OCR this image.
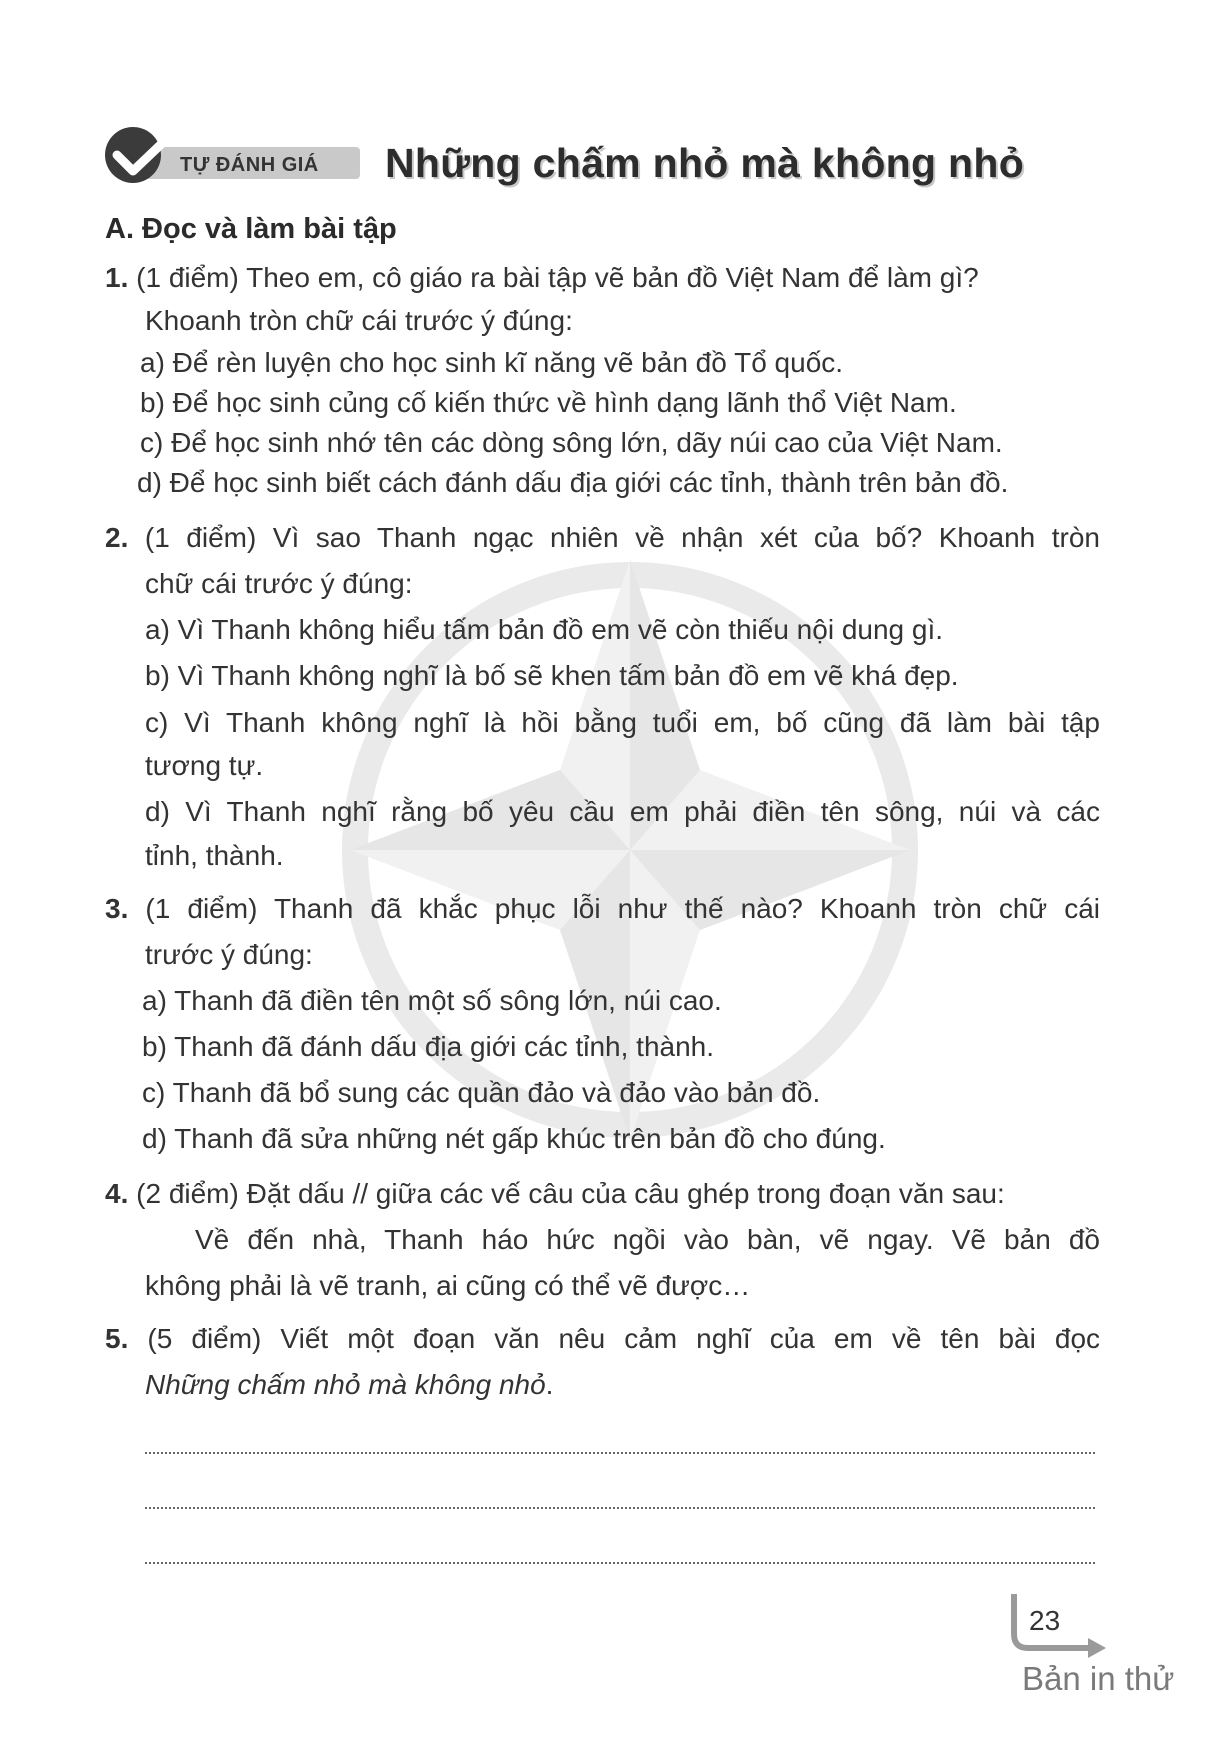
TỰ ĐÁNH GIÁ Những chấm nhỏ mà không nhỏ
A. Đọc và làm bài tập
1. (1 điểm) Theo em, cô giáo ra bài tập vẽ bản đồ Việt Nam để làm gì?
Khoanh tròn chữ cái trước ý đúng:
a) Để rèn luyện cho học sinh kĩ năng vẽ bản đồ Tổ quốc.
b) Để học sinh củng cố kiến thức về hình dạng lãnh thổ Việt Nam.
c) Để học sinh nhớ tên các dòng sông lớn, dãy núi cao của Việt Nam.
d) Để học sinh biết cách đánh dấu địa giới các tỉnh, thành trên bản đồ.
2. (1 điểm) Vì sao Thanh ngạc nhiên về nhận xét của bố? Khoanh tròn
chữ cái trước ý đúng:
a) Vì Thanh không hiểu tấm bản đồ em vẽ còn thiếu nội dung gì.
b) Vì Thanh không nghĩ là bố sẽ khen tấm bản đồ em vẽ khá đẹp.
c) Vì Thanh không nghĩ là hồi bằng tuổi em, bố cũng đã làm bài tập
tương tự.
d) Vì Thanh nghĩ rằng bố yêu cầu em phải điền tên sông, núi và các
tỉnh, thành.
3. (1 điểm) Thanh đã khắc phục lỗi như thế nào? Khoanh tròn chữ cái
trước ý đúng:
a) Thanh đã điền tên một số sông lớn, núi cao.
b) Thanh đã đánh dấu địa giới các tỉnh, thành.
c) Thanh đã bổ sung các quần đảo và đảo vào bản đồ.
d) Thanh đã sửa những nét gấp khúc trên bản đồ cho đúng.
4. (2 điểm) Đặt dấu // giữa các vế câu của câu ghép trong đoạn văn sau:
Về đến nhà, Thanh háo hức ngồi vào bàn, vẽ ngay. Vẽ bản đồ
không phải là vẽ tranh, ai cũng có thể vẽ được…
5. (5 điểm) Viết một đoạn văn nêu cảm nghĩ của em về tên bài đọc
Những chấm nhỏ mà không nhỏ.
23
Bản in thử
